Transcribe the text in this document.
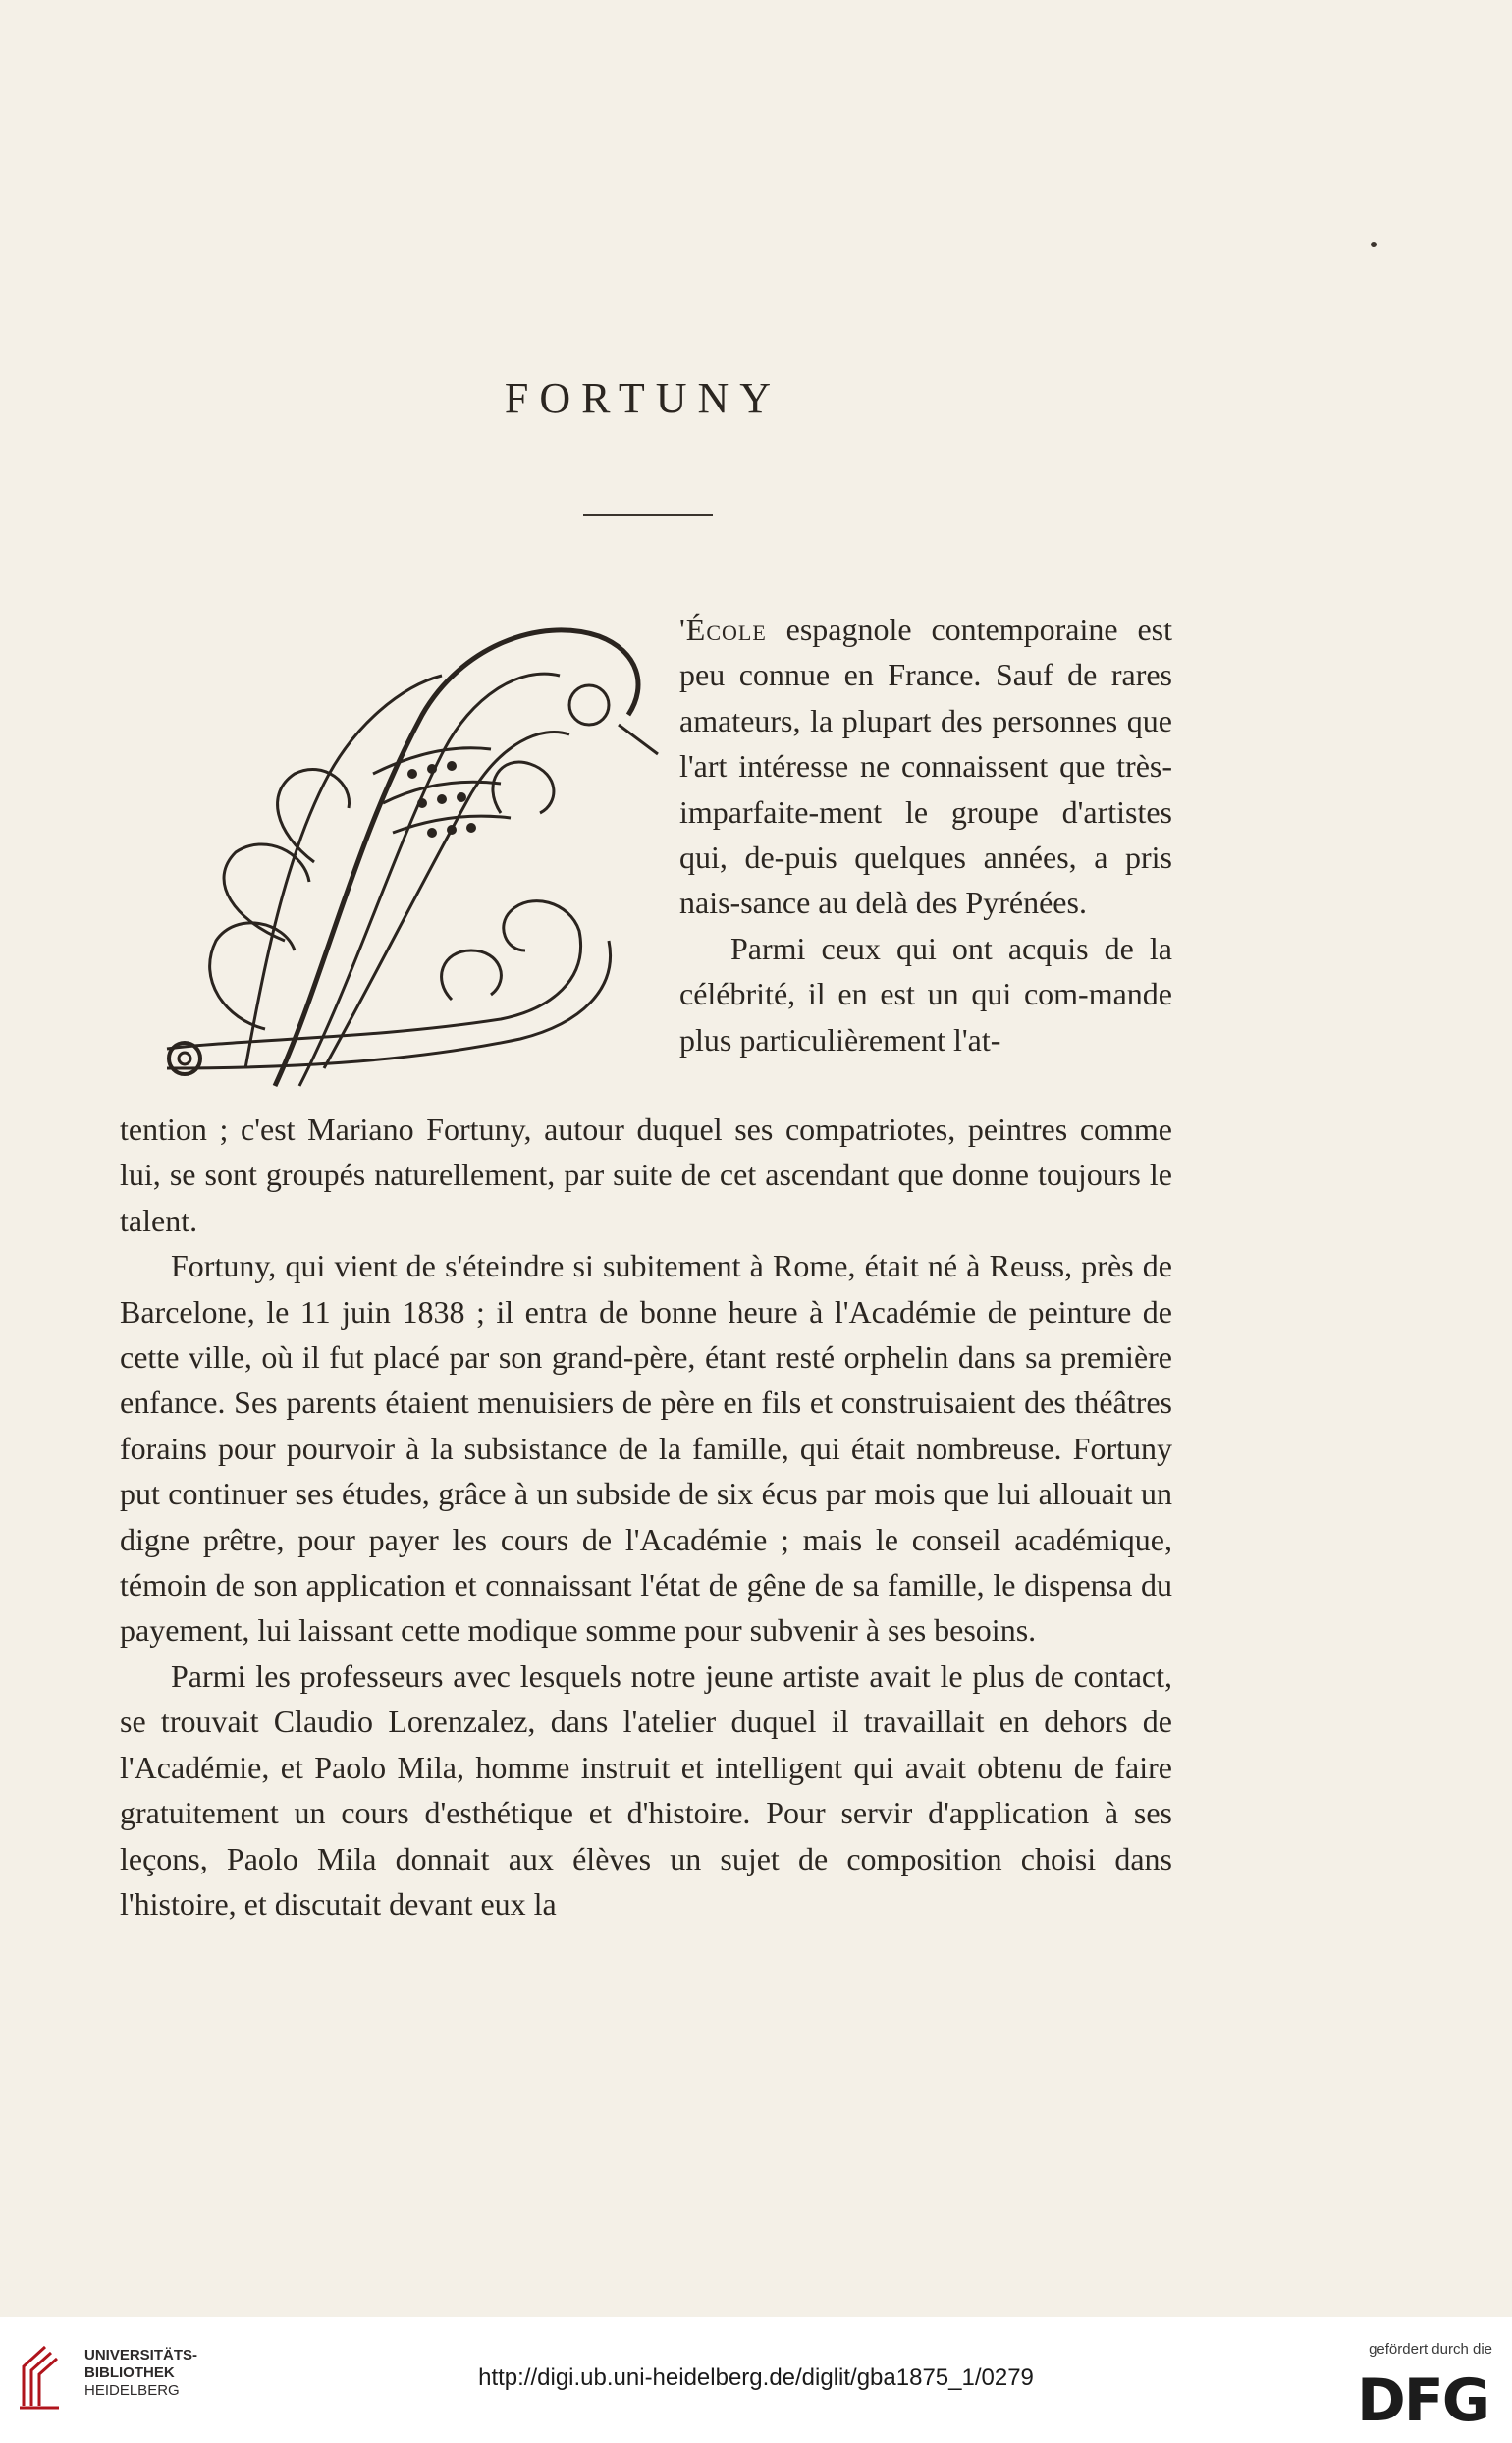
FORTUNY

'École espagnole contemporaine est peu connue en France. Sauf de rares amateurs, la plupart des personnes que l'art intéresse ne connaissent que très-imparfaite-ment le groupe d'artistes qui, de-puis quelques années, a pris nais-sance au delà des Pyrénées.

Parmi ceux qui ont acquis de la célébrité, il en est un qui com-mande plus particulièrement l'at-

tention ; c'est Mariano Fortuny, autour duquel ses compatriotes, peintres comme lui, se sont groupés naturellement, par suite de cet ascendant que donne toujours le talent.

Fortuny, qui vient de s'éteindre si subitement à Rome, était né à Reuss, près de Barcelone, le 11 juin 1838 ; il entra de bonne heure à l'Académie de peinture de cette ville, où il fut placé par son grand-père, étant resté orphelin dans sa première enfance. Ses parents étaient menuisiers de père en fils et construisaient des théâtres forains pour pourvoir à la subsistance de la famille, qui était nombreuse. Fortuny put continuer ses études, grâce à un subside de six écus par mois que lui allouait un digne prêtre, pour payer les cours de l'Académie ; mais le conseil académique, témoin de son application et connaissant l'état de gêne de sa famille, le dispensa du payement, lui laissant cette modique somme pour subvenir à ses besoins.

Parmi les professeurs avec lesquels notre jeune artiste avait le plus de contact, se trouvait Claudio Lorenzalez, dans l'atelier duquel il travaillait en dehors de l'Académie, et Paolo Mila, homme instruit et intelligent qui avait obtenu de faire gratuitement un cours d'esthétique et d'histoire. Pour servir d'application à ses leçons, Paolo Mila donnait aux élèves un sujet de composition choisi dans l'histoire, et discutait devant eux la

UNIVERSITÄTS-
BIBLIOTHEK
HEIDELBERG	http://digi.ub.uni-heidelberg.de/diglit/gba1875_1/0279
gefördert durch die
DFG
